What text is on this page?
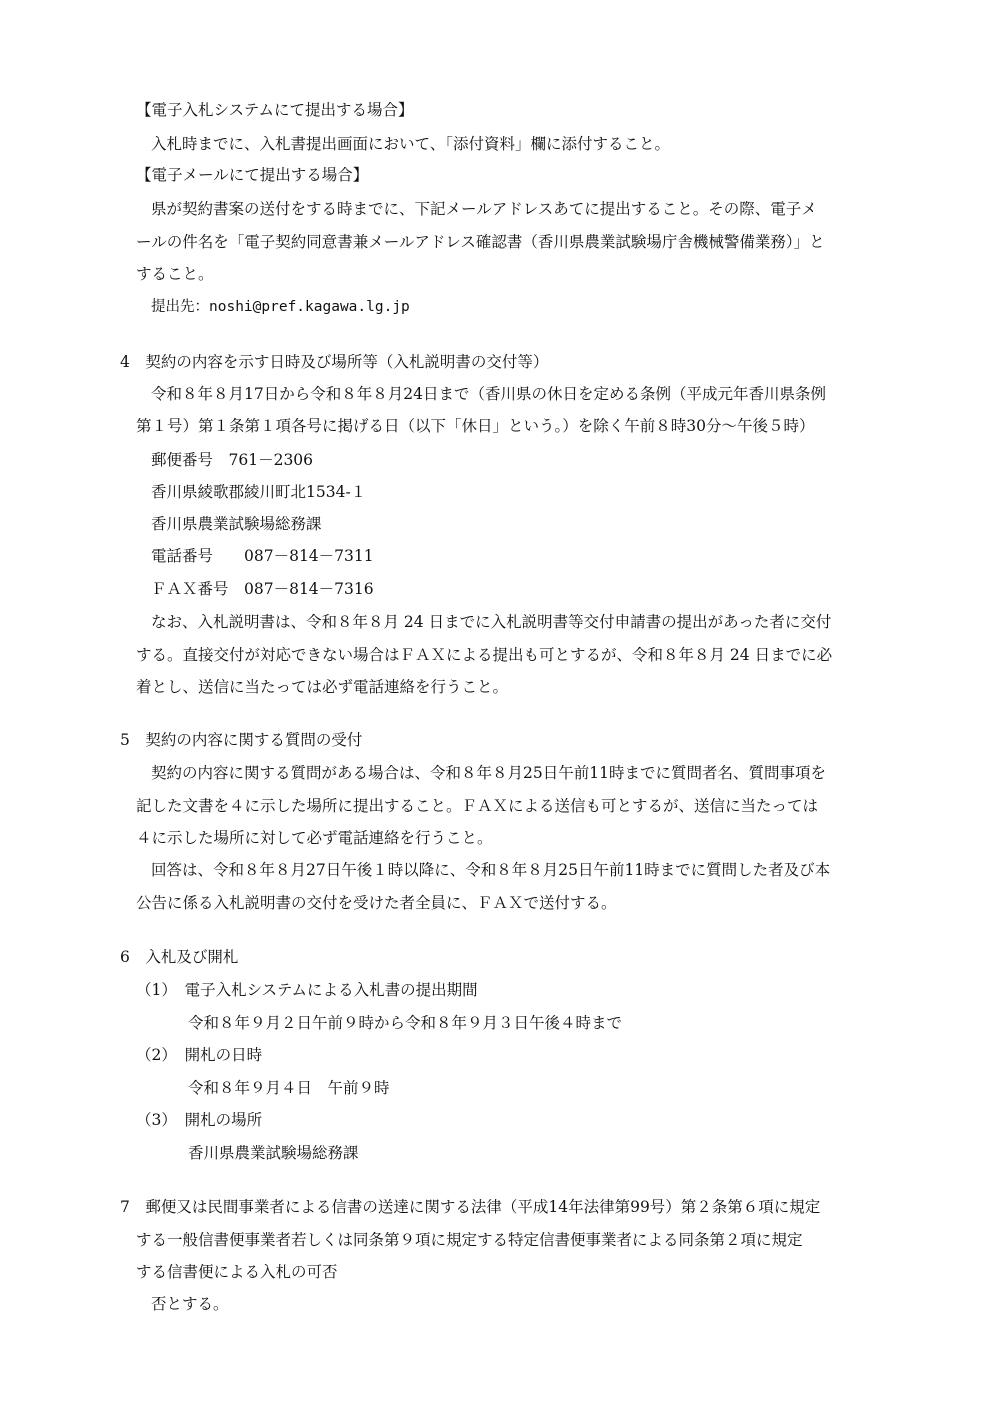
【電子入札システムにて提出する場合】
入札時までに、入札書提出画面において、「添付資料」欄に添付すること。
【電子メールにて提出する場合】
県が契約書案の送付をする時までに、下記メールアドレスあてに提出すること。その際、電子メ
ールの件名を「電子契約同意書兼メールアドレス確認書（香川県農業試験場庁舎機械警備業務）」と
すること。
提出先：noshi@pref.kagawa.lg.jp
4　契約の内容を示す日時及び場所等（入札説明書の交付等）
令和８年８月17日から令和８年８月24日まで（香川県の休日を定める条例（平成元年香川県条例
第１号）第１条第１項各号に掲げる日（以下「休日」という。）を除く午前８時30分～午後５時）
郵便番号　761－2306
香川県綾歌郡綾川町北1534-１
香川県農業試験場総務課
電話番号　　087－814－7311
ＦＡＸ番号　087－814－7316
なお、入札説明書は、令和８年８月 24 日までに入札説明書等交付申請書の提出があった者に交付
する。直接交付が対応できない場合はＦＡＸによる提出も可とするが、令和８年８月 24 日までに必
着とし、送信に当たっては必ず電話連絡を行うこと。
5　契約の内容に関する質問の受付
契約の内容に関する質問がある場合は、令和８年８月25日午前11時までに質問者名、質問事項を
記した文書を４に示した場所に提出すること。ＦＡＸによる送信も可とするが、送信に当たっては
４に示した場所に対して必ず電話連絡を行うこと。
回答は、令和８年８月27日午後１時以降に、令和８年８月25日午前11時までに質問した者及び本
公告に係る入札説明書の交付を受けた者全員に、ＦＡＸで送付する。
6　入札及び開札
（1）　電子入札システムによる入札書の提出期間
令和８年９月２日午前９時から令和８年９月３日午後４時まで
（2）　開札の日時
令和８年９月４日　午前９時
（3）　開札の場所
香川県農業試験場総務課
7　郵便又は民間事業者による信書の送達に関する法律（平成14年法律第99号）第２条第６項に規定
する一般信書便事業者若しくは同条第９項に規定する特定信書便事業者による同条第２項に規定
する信書便による入札の可否
否とする。
